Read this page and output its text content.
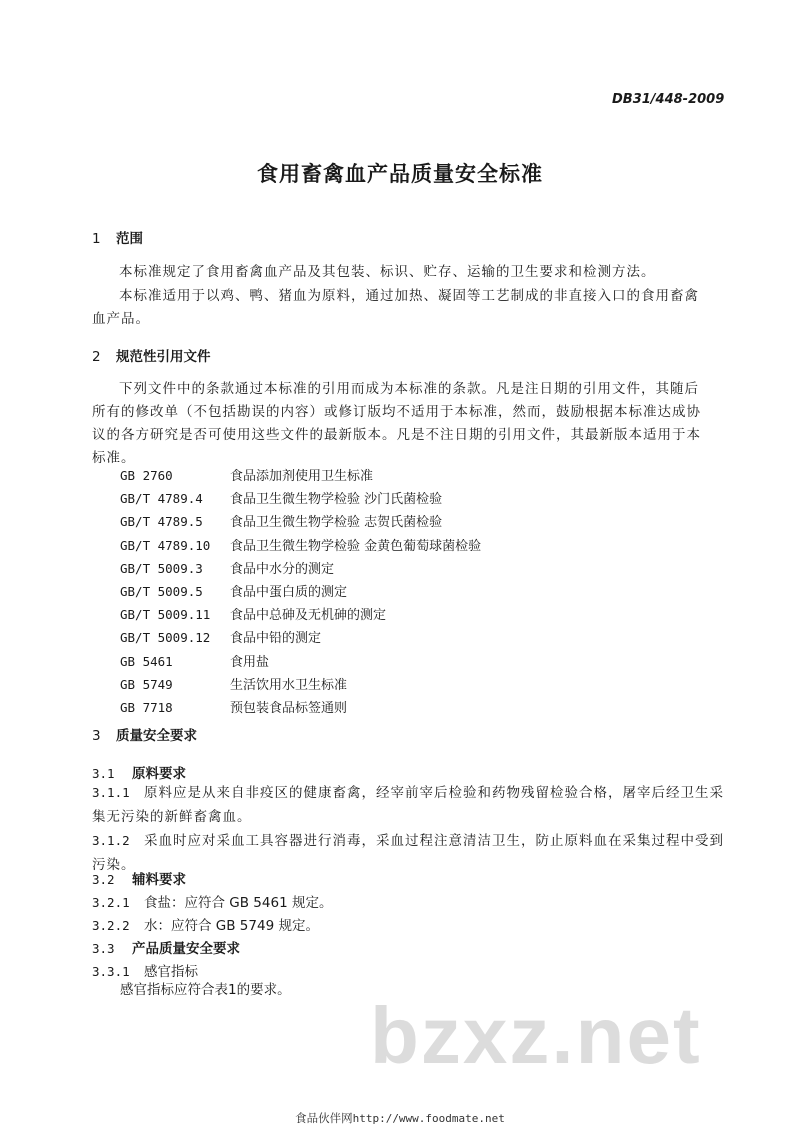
DB31/448-2009
食用畜禽血产品质量安全标准
1 范围
本标准规定了食用畜禽血产品及其包装、标识、贮存、运输的卫生要求和检测方法。
本标准适用于以鸡、鸭、猪血为原料，通过加热、凝固等工艺制成的非直接入口的食用畜禽血产品。
2 规范性引用文件
下列文件中的条款通过本标准的引用而成为本标准的条款。凡是注日期的引用文件，其随后所有的修改单（不包括勘误的内容）或修订版均不适用于本标准，然而，鼓励根据本标准达成协议的各方研究是否可使用这些文件的最新版本。凡是不注日期的引用文件，其最新版本适用于本标准。
GB 2760	食品添加剂使用卫生标准
GB/T 4789.4 食品卫生微生物学检验 沙门氏菌检验
GB/T 4789.5 食品卫生微生物学检验 志贺氏菌检验
GB/T 4789.10 食品卫生微生物学检验 金黄色葡萄球菌检验
GB/T 5009.3 食品中水分的测定
GB/T 5009.5 食品中蛋白质的测定
GB/T 5009.11 食品中总砷及无机砷的测定
GB/T 5009.12 食品中铅的测定
GB 5461	食用盐
GB 5749	生活饮用水卫生标准
GB 7718	预包装食品标签通则
3 质量安全要求
3.1 原料要求
3.1.1 原料应是从来自非疫区的健康畜禽，经宰前宰后检验和药物残留检验合格，屠宰后经卫生采集无污染的新鲜畜禽血。
3.1.2 采血时应对采血工具容器进行消毒，采血过程注意清洁卫生，防止原料血在采集过程中受到污染。
3.2 辅料要求
3.2.1 食盐：应符合 GB 5461 规定。
3.2.2 水：应符合 GB 5749 规定。
3.3 产品质量安全要求
3.3.1 感官指标
感官指标应符合表1的要求。
bzxz.net
食品伙伴网http://www.foodmate.net
